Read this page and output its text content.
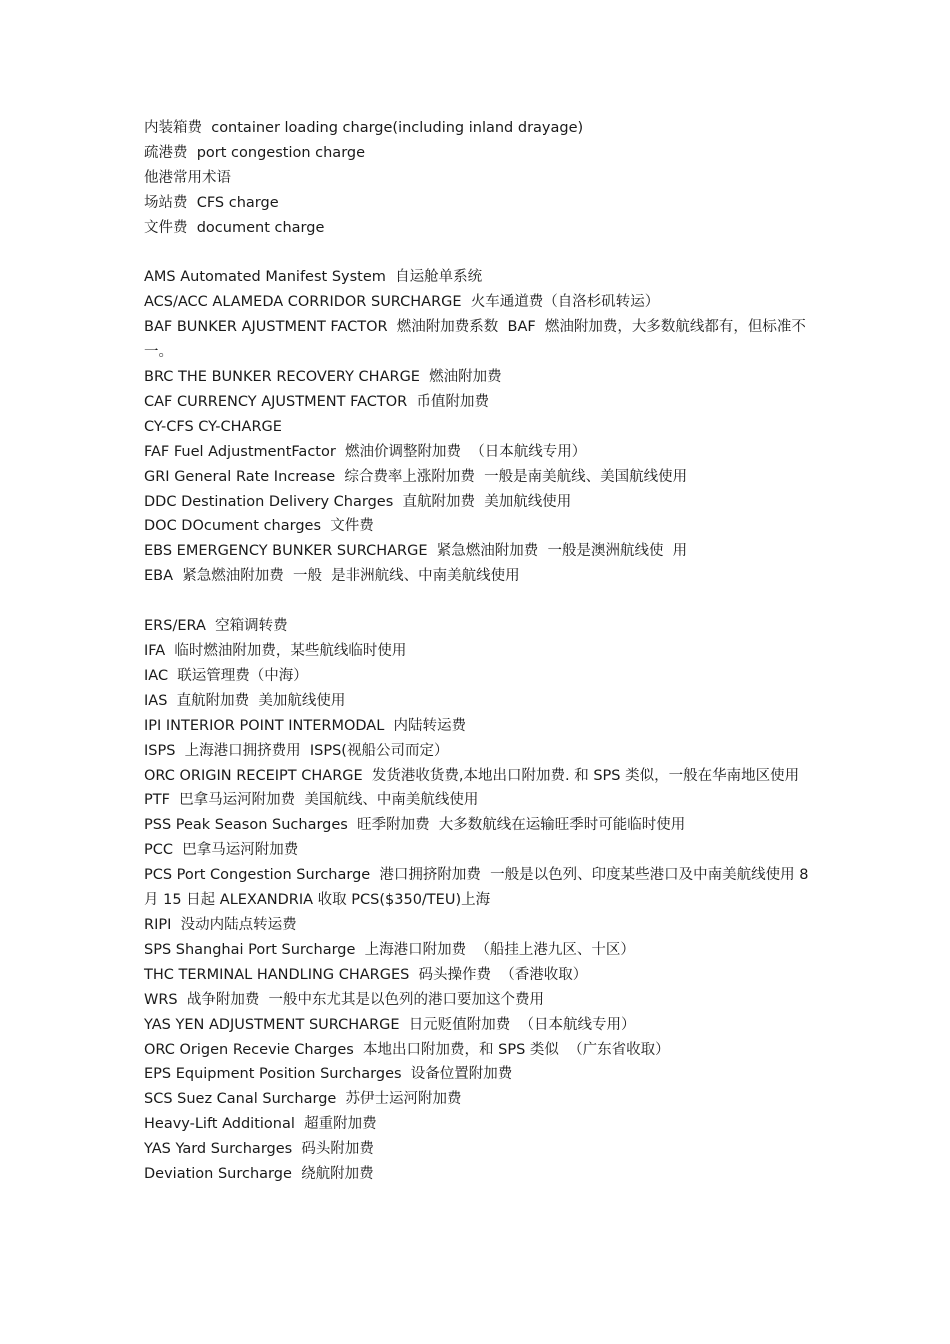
内装箱费  container loading charge(including inland drayage)
疏港费  port congestion charge
他港常用术语
场站费  CFS charge
文件费  document charge
AMS Automated Manifest System  自运舱单系统
ACS/ACC ALAMEDA CORRIDOR SURCHARGE  火车通道费（自洛杉矶转运）
BAF BUNKER AJUSTMENT FACTOR  燃油附加费系数  BAF  燃油附加费，大多数航线都有，但标准不一。
BRC THE BUNKER RECOVERY CHARGE  燃油附加费
CAF CURRENCY AJUSTMENT FACTOR  币值附加费
CY-CFS CY-CHARGE
FAF Fuel AdjustmentFactor  燃油价调整附加费  （日本航线专用）
GRI General Rate Increase  综合费率上涨附加费  一般是南美航线、美国航线使用
DDC Destination Delivery Charges  直航附加费  美加航线使用
DOC DOcument charges  文件费
EBS EMERGENCY BUNKER SURCHARGE  紧急燃油附加费  一般是澳洲航线使  用
EBA  紧急燃油附加费  一般  是非洲航线、中南美航线使用
ERS/ERA  空箱调转费
IFA  临时燃油附加费，某些航线临时使用
IAC  联运管理费（中海）
IAS  直航附加费  美加航线使用
IPI INTERIOR POINT INTERMODAL  内陆转运费
ISPS  上海港口拥挤费用  ISPS(视船公司而定）
ORC ORIGIN RECEIPT CHARGE  发货港收货费,本地出口附加费. 和 SPS 类似，一般在华南地区使用
PTF  巴拿马运河附加费  美国航线、中南美航线使用
PSS Peak Season Sucharges  旺季附加费  大多数航线在运输旺季时可能临时使用
PCC  巴拿马运河附加费
PCS Port Congestion Surcharge  港口拥挤附加费  一般是以色列、印度某些港口及中南美航线使用 8 月 15 日起 ALEXANDRIA 收取 PCS($350/TEU)上海
RIPI  没动内陆点转运费
SPS Shanghai Port Surcharge  上海港口附加费  （船挂上港九区、十区）
THC TERMINAL HANDLING CHARGES  码头操作费  （香港收取）
WRS  战争附加费  一般中东尤其是以色列的港口要加这个费用
YAS YEN ADJUSTMENT SURCHARGE  日元贬值附加费  （日本航线专用）
ORC Origen Recevie Charges  本地出口附加费，和 SPS 类似  （广东省收取）
EPS Equipment Position Surcharges  设备位置附加费
SCS Suez Canal Surcharge  苏伊士运河附加费
Heavy-Lift Additional  超重附加费
YAS Yard Surcharges  码头附加费
Deviation Surcharge  绕航附加费
